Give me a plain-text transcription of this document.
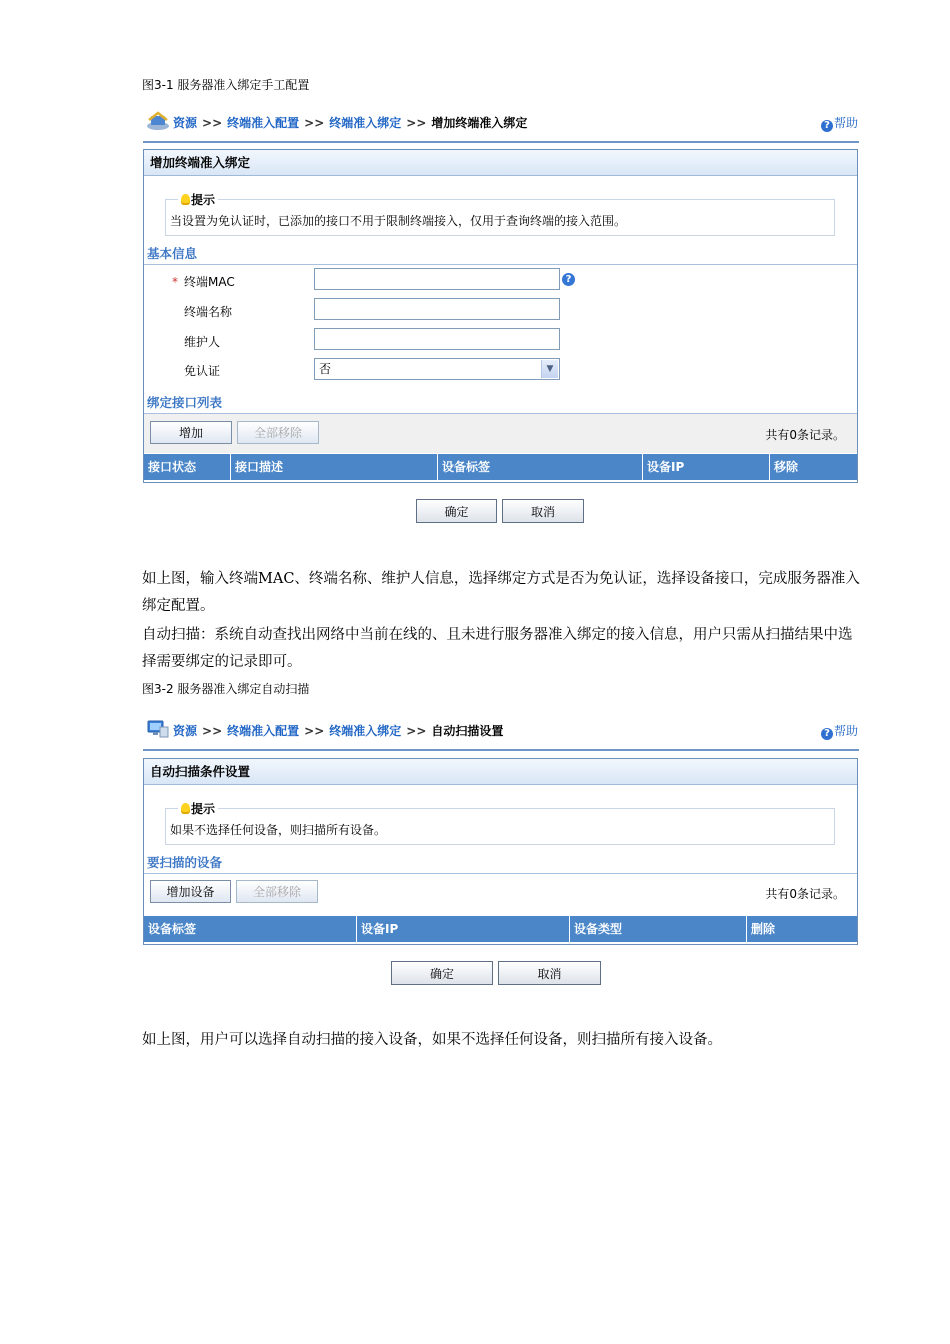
图3-1 服务器准入绑定手工配置
资源 >> 终端准入配置 >> 终端准入绑定 >> 增加终端准入绑定	? 帮助
增加终端准入绑定
提示
当设置为免认证时，已添加的接口不用于限制终端接入，仅用于查询终端的接入范围。
基本信息
* 终端MAC	?
终端名称
维护人
免认证	否	▼
绑定接口列表
增加	全部移除	共有0条记录。
接口状态	接口描述	设备标签	设备IP	移除
确定	取消
如上图，输入终端MAC、终端名称、维护人信息，选择绑定方式是否为免认证，选择设备接口，完成服务器准入绑定配置。
自动扫描：系统自动查找出网络中当前在线的、且未进行服务器准入绑定的接入信息，用户只需从扫描结果中选择需要绑定的记录即可。
图3-2 服务器准入绑定自动扫描
资源 >> 终端准入配置 >> 终端准入绑定 >> 自动扫描设置	? 帮助
自动扫描条件设置
提示
如果不选择任何设备，则扫描所有设备。
要扫描的设备
增加设备	全部移除	共有0条记录。
设备标签	设备IP	设备类型	删除
确定	取消
如上图，用户可以选择自动扫描的接入设备，如果不选择任何设备，则扫描所有接入设备。
